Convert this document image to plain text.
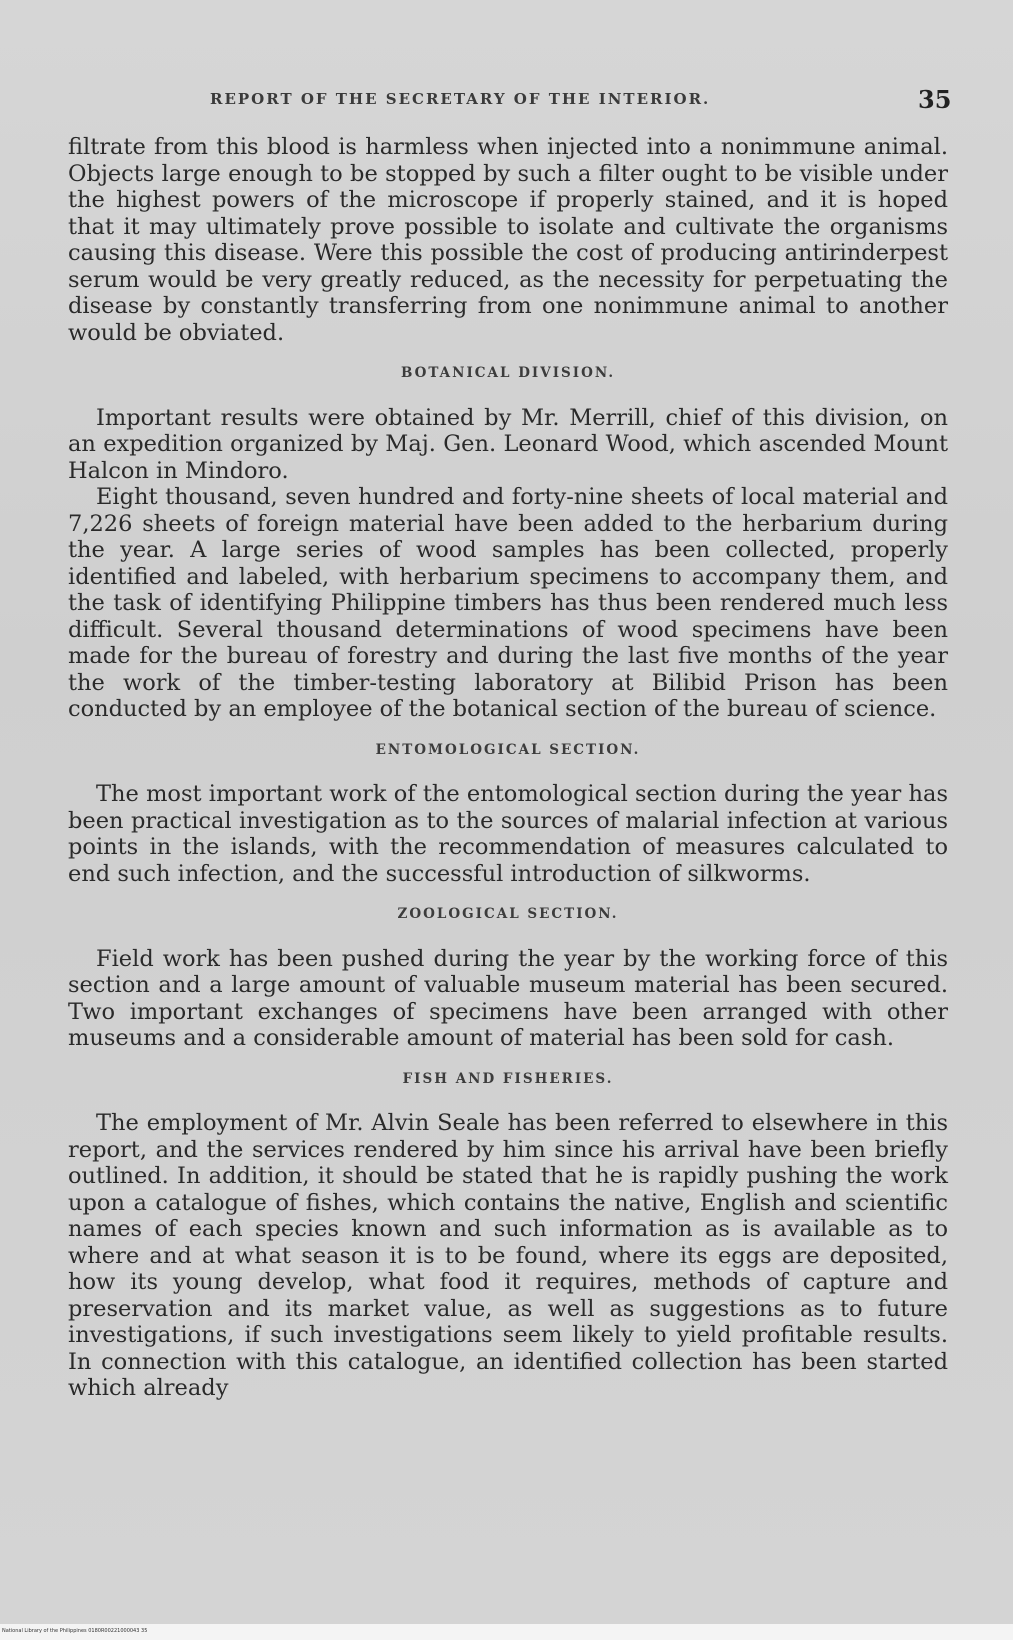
REPORT OF THE SECRETARY OF THE INTERIOR.	35

filtrate from this blood is harmless when injected into a nonimmune animal. Objects large enough to be stopped by such a filter ought to be visible under the highest powers of the microscope if properly stained, and it is hoped that it may ultimately prove possible to isolate and cultivate the organisms causing this disease. Were this possible the cost of producing antirinderpest serum would be very greatly reduced, as the necessity for perpetuating the disease by constantly transferring from one nonimmune animal to another would be obviated.

BOTANICAL DIVISION.

Important results were obtained by Mr. Merrill, chief of this division, on an expedition organized by Maj. Gen. Leonard Wood, which ascended Mount Halcon in Mindoro.

Eight thousand, seven hundred and forty-nine sheets of local material and 7,226 sheets of foreign material have been added to the herbarium during the year. A large series of wood samples has been collected, properly identified and labeled, with herbarium specimens to accompany them, and the task of identifying Philippine timbers has thus been rendered much less difficult. Several thousand determinations of wood specimens have been made for the bureau of forestry and during the last five months of the year the work of the timber-testing laboratory at Bilibid Prison has been conducted by an employee of the botanical section of the bureau of science.

ENTOMOLOGICAL SECTION.

The most important work of the entomological section during the year has been practical investigation as to the sources of malarial infection at various points in the islands, with the recommendation of measures calculated to end such infection, and the successful introduction of silkworms.

ZOOLOGICAL SECTION.

Field work has been pushed during the year by the working force of this section and a large amount of valuable museum material has been secured. Two important exchanges of specimens have been arranged with other museums and a considerable amount of material has been sold for cash.

FISH AND FISHERIES.

The employment of Mr. Alvin Seale has been referred to elsewhere in this report, and the services rendered by him since his arrival have been briefly outlined. In addition, it should be stated that he is rapidly pushing the work upon a catalogue of fishes, which contains the native, English and scientific names of each species known and such information as is available as to where and at what season it is to be found, where its eggs are deposited, how its young develop, what food it requires, methods of capture and preservation and its market value, as well as suggestions as to future investigations, if such investigations seem likely to yield profitable results. In connection with this catalogue, an identified collection has been started which already

National Library of the Philippines 0180R00221000043 35
